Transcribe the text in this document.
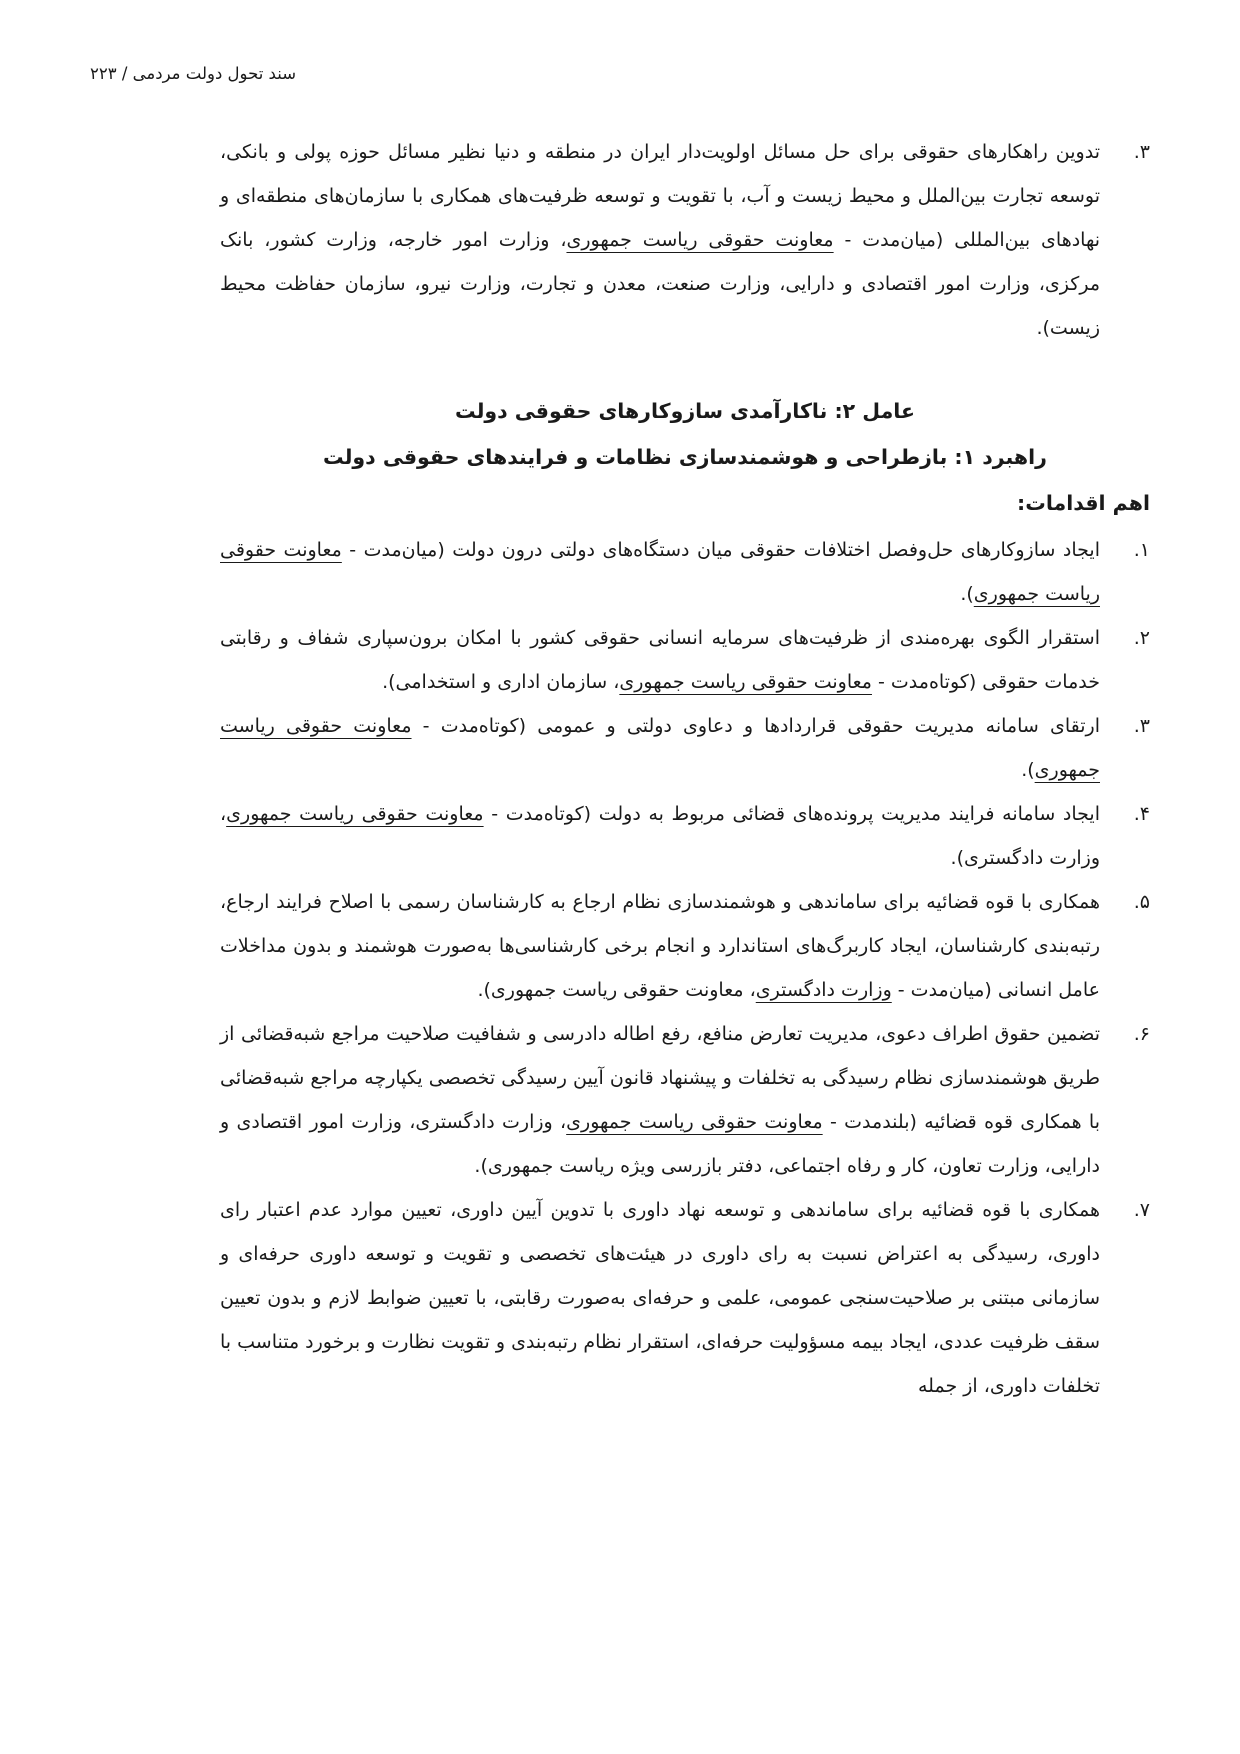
سند تحول دولت مردمی / ۲۲۳
۳.
تدوین راهکارهای حقوقی برای حل مسائل اولویت‌دار ایران در منطقه و دنیا نظیر مسائل حوزه پولی و بانکی، توسعه تجارت بین‌الملل و محیط زیست و آب، با تقویت و توسعه ظرفیت‌های همکاری با سازمان‌های منطقه‌ای و نهادهای بین‌المللی (میان‌مدت - معاونت حقوقی ریاست جمهوری، وزارت امور خارجه، وزارت کشور، بانک مرکزی، وزارت امور اقتصادی و دارایی، وزارت صنعت، معدن و تجارت، وزارت نیرو، سازمان حفاظت محیط زیست).
عامل ۲: ناکارآمدی سازوکارهای حقوقی دولت
راهبرد ۱: بازطراحی و هوشمندسازی نظامات و فرایندهای حقوقی دولت
اهم اقدامات:
۱.
ایجاد سازوکارهای حل‌وفصل اختلافات حقوقی میان دستگاه‌های دولتی درون دولت (میان‌مدت - معاونت حقوقی ریاست جمهوری).
۲.
استقرار الگوی بهره‌مندی از ظرفیت‌های سرمایه انسانی حقوقی کشور با امکان برون‌سپاری شفاف و رقابتی خدمات حقوقی (کوتاه‌مدت - معاونت حقوقی ریاست جمهوری، سازمان اداری و استخدامی).
۳.
ارتقای سامانه مدیریت حقوقی قراردادها و دعاوی دولتی و عمومی (کوتاه‌مدت - معاونت حقوقی ریاست جمهوری).
۴.
ایجاد سامانه فرایند مدیریت پرونده‌های قضائی مربوط به دولت (کوتاه‌مدت - معاونت حقوقی ریاست جمهوری، وزارت دادگستری).
۵.
همکاری با قوه قضائیه برای ساماندهی و هوشمندسازی نظام ارجاع به کارشناسان رسمی با اصلاح فرایند ارجاع، رتبه‌بندی کارشناسان، ایجاد کاربرگ‌های استاندارد و انجام برخی کارشناسی‌ها به‌صورت هوشمند و بدون مداخلات عامل انسانی (میان‌مدت - وزارت دادگستری، معاونت حقوقی ریاست جمهوری).
۶.
تضمین حقوق اطراف دعوی، مدیریت تعارض منافع، رفع اطاله دادرسی و شفافیت صلاحیت مراجع شبه‌قضائی از طریق هوشمندسازی نظام رسیدگی به تخلفات و پیشنهاد قانون آیین رسیدگی تخصصی یکپارچه مراجع شبه‌قضائی با همکاری قوه قضائیه (بلندمدت - معاونت حقوقی ریاست جمهوری، وزارت دادگستری، وزارت امور اقتصادی و دارایی، وزارت تعاون، کار و رفاه اجتماعی، دفتر بازرسی ویژه ریاست جمهوری).
۷.
همکاری با قوه قضائیه برای ساماندهی و توسعه نهاد داوری با تدوین آیین داوری، تعیین موارد عدم اعتبار رای داوری، رسیدگی به اعتراض نسبت به رای داوری در هیئت‌های تخصصی و تقویت و توسعه داوری حرفه‌ای و سازمانی مبتنی بر صلاحیت‌سنجی عمومی، علمی و حرفه‌ای به‌صورت رقابتی، با تعیین ضوابط لازم و بدون تعیین سقف ظرفیت عددی، ایجاد بیمه مسؤولیت حرفه‌ای، استقرار نظام رتبه‌بندی و تقویت نظارت و برخورد متناسب با تخلفات داوری، از جمله
